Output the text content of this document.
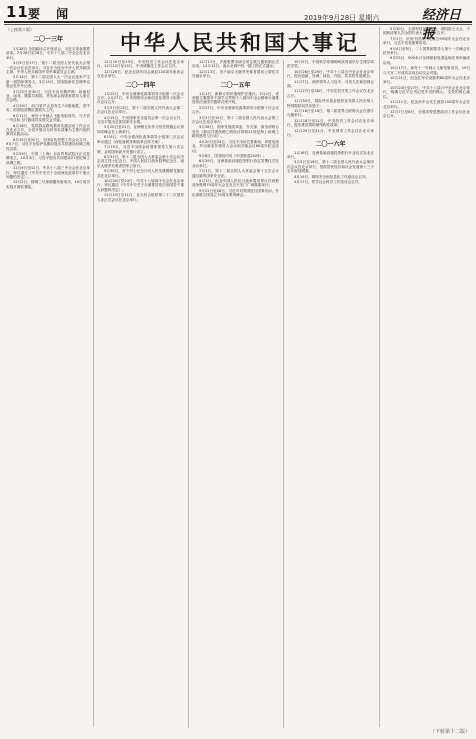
11 要 闻	2019年9月28日 星期六	经济日报
（上接第十版）
二〇一三年

1月28日 全国政协召开座谈会，习近平发表重要讲话。2月26日至28日，中共十八届二中全会在北京举行。

3月5日至17日，第十二届全国人民代表大会第一次会议在北京举行。习近平当选为中华人民共和国主席、中华人民共和国中央军事委员会主席。

3月14日，第十二届全国人大一次会议选举产生新一届国家领导人。3月15日，国务院新任总理李克强会见中外记者。

3月22日至30日，习近平出访俄罗斯、坦桑尼亚、南非、刚果共和国，并出席金砖国家领导人第五次会晤。

4月20日，四川省芦山县发生7.0级地震，党中央、国务院部署抗震救灾工作。

6月11日，神舟十号载人飞船发射成功，与天宫一号目标飞行器成功实现交会对接。

6月18日，党的群众路线教育实践活动工作会议在北京召开，全党开展以为民务实清廉为主要内容的教育实践活动。

8月19日至20日，全国宣传思想工作会议召开。9月7日，习近平在哈萨克斯坦提出共同建设丝绸之路经济带。

9月29日，中国（上海）自由贸易试验区正式挂牌成立。10月3日，习近平提出共同建设21世纪海上丝绸之路。

11月9日至12日，中共十八届三中全会在北京举行，审议通过《中共中央关于全面深化改革若干重大问题的决定》。

12月2日，嫦娥三号探测器发射成功，14日成功实施月面软着陆。

中华人民共和国大事记

12月10日至13日，中央经济工作会议在北京举行。12月12日至13日，中央城镇化工作会议召开。

12月26日，纪念毛泽东同志诞辰120周年座谈会在北京举行。

二〇一四年

1月22日，中央全面深化改革领导小组第一次会议召开。2月27日，中央网络安全和信息化领导小组第一次会议召开。

3月5日至13日，第十二届全国人民代表大会第二次会议在北京举行。

4月15日，中央国家安全委员会第一次会议召开，习近平提出总体国家安全观。

5月20日至21日，亚洲相互协作与信任措施会议第四次峰会在上海举行。

6月6日，中央全面深化改革领导小组第三次会议审议通过《深化财税体制改革总体方案》。

7月15日，习近平出席金砖国家领导人第六次会晤，金砖国家新开发银行成立。

8月31日，第十二届全国人大常委会第十次会议决定设立烈士纪念日、中国人民抗日战争胜利纪念日、南京大屠杀死难者国家公祭日。

9月30日，首个烈士纪念日向人民英雄敬献花篮仪式在北京举行。

10月20日至23日，中共十八届四中全会在北京举行，审议通过《中共中央关于全面推进依法治国若干重大问题的决定》。

11月10日至11日，亚太经合组织第二十二次领导人非正式会议在北京举行。

11月17日，沪港股票市场交易互联互通机制正式启动。12月12日，南水北调中线一期工程正式通水。

12月13日，首个南京大屠杀死难者国家公祭仪式在南京举行。

二〇一五年

1月1日，新修订的环境保护法施行。2月2日，省部级主要领导干部学习贯彻十八届四中全会精神全面推进依法治国专题研讨班开班。

2月27日，中央全面深化改革领导小组第十次会议召开。

3月5日至15日，第十二届全国人民代表大会第三次会议在北京举行。

3月28日，国家发展改革委、外交部、商务部联合发布《推动共建丝绸之路经济带和21世纪海上丝绸之路的愿景与行动》。

4月20日至24日，习近平出访巴基斯坦、印度尼西亚，并出席亚非领导人会议和万隆会议60周年纪念活动。

5月8日，国务院印发《中国制造2025》。

6月29日，亚洲基础设施投资银行协定签署仪式在北京举行。

7月1日，第十二届全国人大常委会第十五次会议通过新的国家安全法。

9月3日，纪念中国人民抗日战争暨世界反法西斯战争胜利70周年大会在北京天安门广场隆重举行。

9月22日至28日，习近平对美国进行国事访问，并出席联合国成立70周年系列峰会。

10月5日，中国科学家屠呦呦获得诺贝尔生理学或医学奖。

10月26日至29日，中共十八届五中全会在北京举行，提出创新、协调、绿色、开放、共享的发展理念。

11月7日，两岸领导人习近平、马英九在新加坡会面。

11月27日至28日，中央扶贫开发工作会议在北京召开。

11月30日，国际货币基金组织宣布将人民币纳入特别提款权货币篮子。

12月16日至18日，第二届世界互联网大会在浙江乌镇举行。

12月18日至21日，中央经济工作会议在北京举行，提出推进供给侧结构性改革。

12月20日至21日，中央城市工作会议在北京举行。

二〇一六年

1月16日，亚洲基础设施投资银行开业仪式在北京举行。

3月5日至16日，第十二届全国人民代表大会第四次会议在北京举行，批准国民经济和社会发展第十三个五年规划纲要。

4月19日，网络安全和信息化工作座谈会召开。

5月17日，哲学社会科学工作座谈会召开。

5月30日，全国科技创新大会、两院院士大会、中国科协第九次全国代表大会在北京召开。

7月1日，庆祝中国共产党成立95周年大会在北京举行，习近平发表重要讲话。

9月4日至5日，二十国集团领导人第十一次峰会在杭州举行。

9月25日，500米口径球面射电望远镜在贵州落成启用。

10月17日，神舟十一号载人飞船发射成功，19日与天宫二号成功实现自动交会对接。

10月21日，纪念红军长征胜利80周年大会在北京举行。

10月24日至27日，中共十八届六中全会在北京举行，明确习近平总书记党中央的核心、全党的核心地位。

11月11日，纪念孙中山先生诞辰150周年大会在北京举行。

12月7日至8日，全国高校思想政治工作会议在北京召开。

（下转第十二版）
